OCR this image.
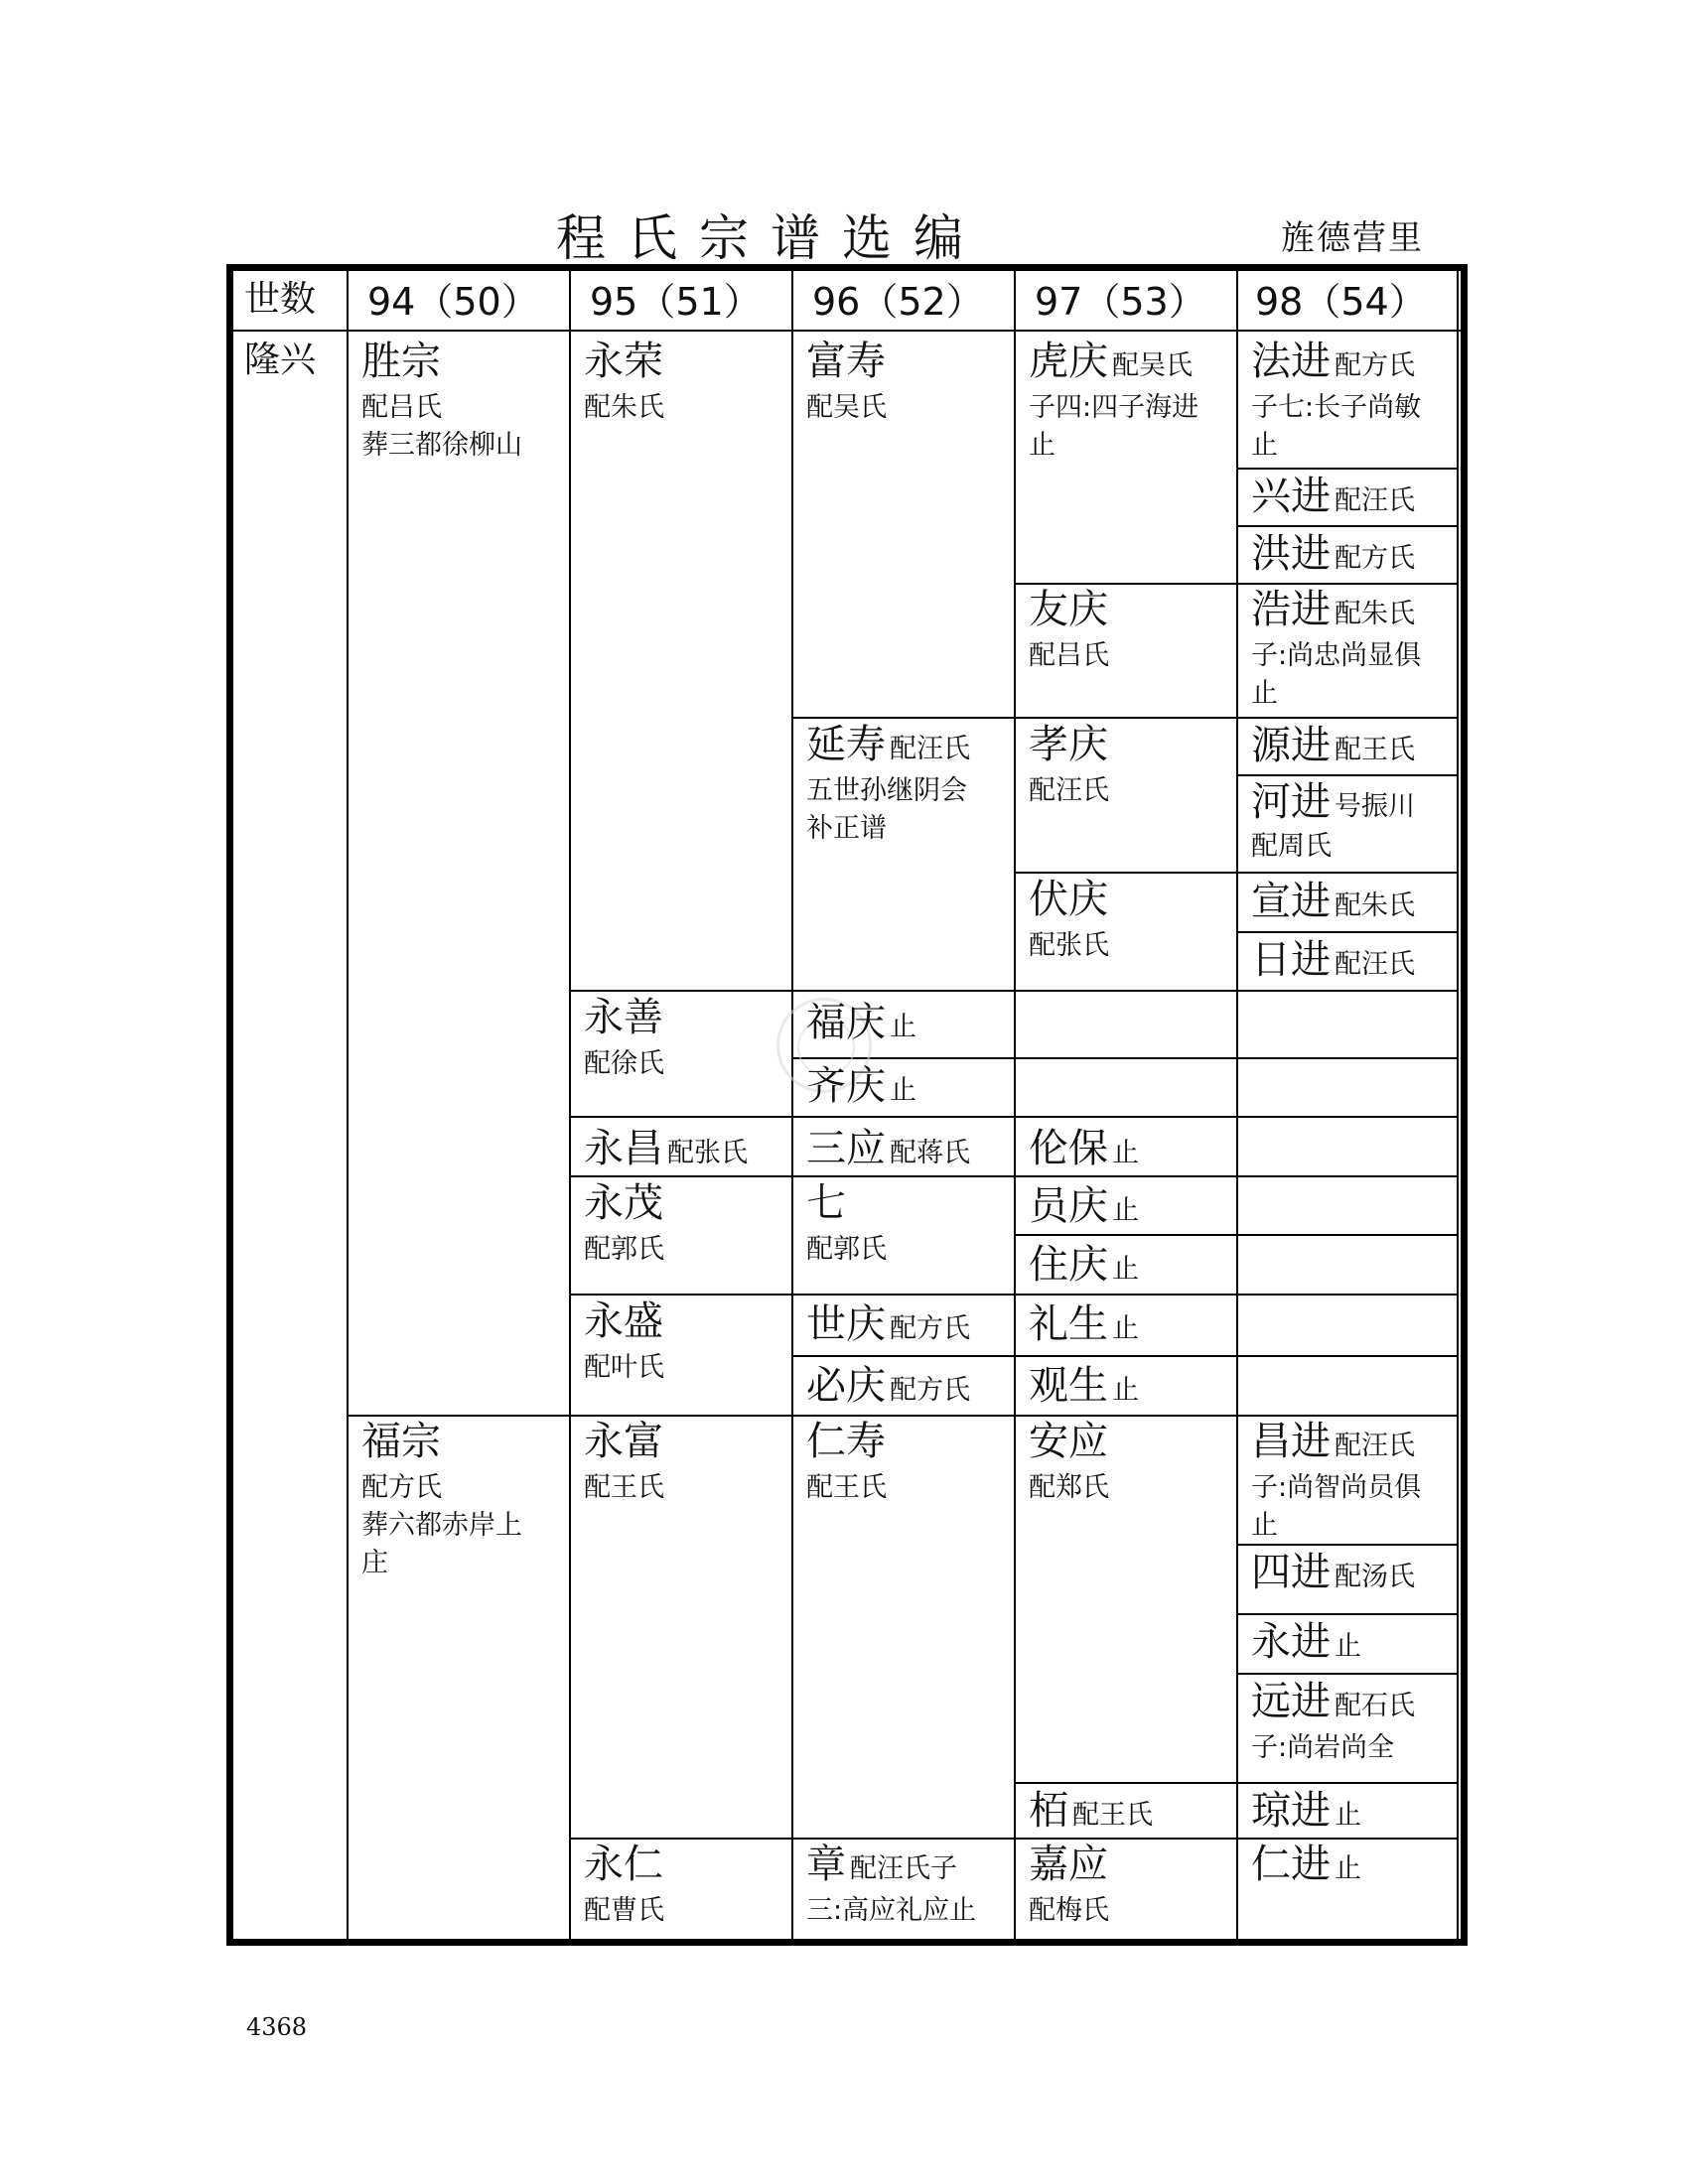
程氏宗谱选编	旌德营里
世数 94（50） 95（51） 96（52） 97（53） 98（54）
隆兴 胜宗
配吕氏
葬三都徐柳山
福宗
配方氏
葬六都赤岸上
庄
永荣
配朱氏
永善
配徐氏
永昌 配张氏
永茂
配郭氏
永盛
配叶氏
永富
配王氏
永仁
配曹氏
富寿
配吴氏
延寿 配汪氏
五世孙继阴会
补正谱
福庆 止
齐庆 止
三应 配蒋氏
七
配郭氏
世庆 配方氏
必庆 配方氏
仁寿
配王氏
章 配汪氏子
三:高应礼应止
虎庆 配吴氏
子四:四子海进
止
友庆
配吕氏
孝庆
配汪氏
伏庆
配张氏
伦保 止
员庆 止
住庆 止
礼生 止
观生 止
安应
配郑氏
栢 配王氏
嘉应
配梅氏
法进 配方氏
子七:长子尚敏
止
兴进 配汪氏
洪进 配方氏
浩进 配朱氏
子:尚忠尚显俱
止
源进 配王氏
河进 号振川
配周氏
宣进 配朱氏
日进 配汪氏
昌进 配汪氏
子:尚智尚员俱
止
四进 配汤氏
永进 止
远进 配石氏
子:尚岩尚全
琼进 止
仁进 止
4368
